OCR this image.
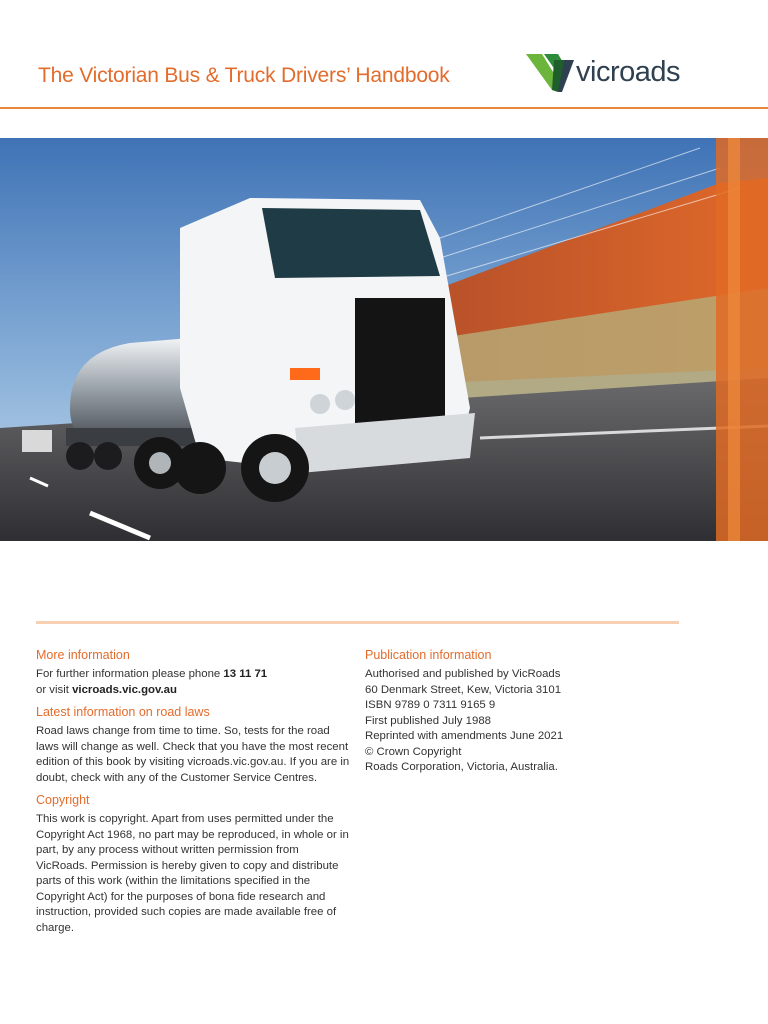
The Victorian Bus & Truck Drivers’ Handbook	vicroads
More information

For further information please phone 13 11 71

or visit vicroads.vic.gov.au

Latest information on road laws

Road laws change from time to time. So, tests for the road laws will change as well. Check that you have the most recent edition of this book by visiting vicroads.vic.gov.au. If you are in doubt, check with any of the Customer Service Centres.

Copyright

This work is copyright. Apart from uses permitted under the Copyright Act 1968, no part may be reproduced, in whole or in part, by any process without written permission from VicRoads. Permission is hereby given to copy and distribute parts of this work (within the limitations specified in the Copyright Act) for the purposes of bona fide research and instruction, provided such copies are made available free of charge.

Publication information

Authorised and published by VicRoads

60 Denmark Street, Kew, Victoria 3101

ISBN 9789 0 7311 9165 9

First published July 1988

Reprinted with amendments June 2021

© Crown Copyright

Roads Corporation, Victoria, Australia.
